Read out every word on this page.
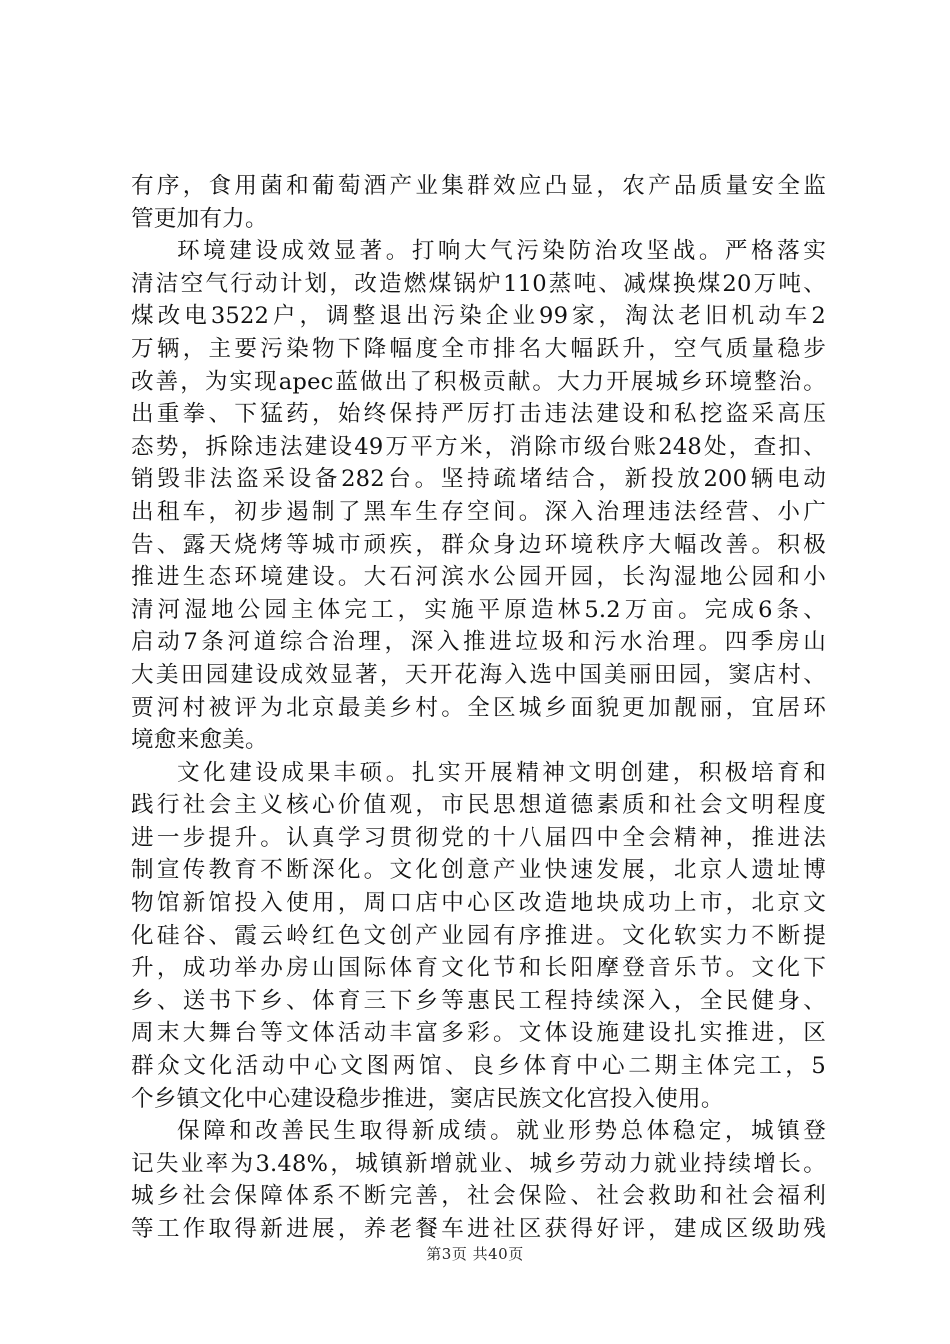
有序，食用菌和葡萄酒产业集群效应凸显，农产品质量安全监
管更加有力。
环境建设成效显著。打响大气污染防治攻坚战。严格落实
清洁空气行动计划，改造燃煤锅炉110蒸吨、减煤换煤20万吨、
煤改电3522户，调整退出污染企业99家，淘汰老旧机动车2
万辆，主要污染物下降幅度全市排名大幅跃升，空气质量稳步
改善，为实现apec蓝做出了积极贡献。大力开展城乡环境整治。
出重拳、下猛药，始终保持严厉打击违法建设和私挖盗采高压
态势，拆除违法建设49万平方米，消除市级台账248处，查扣、
销毁非法盗采设备282台。坚持疏堵结合，新投放200辆电动
出租车，初步遏制了黑车生存空间。深入治理违法经营、小广
告、露天烧烤等城市顽疾，群众身边环境秩序大幅改善。积极
推进生态环境建设。大石河滨水公园开园，长沟湿地公园和小
清河湿地公园主体完工，实施平原造林5.2万亩。完成6条、
启动7条河道综合治理，深入推进垃圾和污水治理。四季房山
大美田园建设成效显著，天开花海入选中国美丽田园，窦店村、
贾河村被评为北京最美乡村。全区城乡面貌更加靓丽，宜居环
境愈来愈美。
文化建设成果丰硕。扎实开展精神文明创建，积极培育和
践行社会主义核心价值观，市民思想道德素质和社会文明程度
进一步提升。认真学习贯彻党的十八届四中全会精神，推进法
制宣传教育不断深化。文化创意产业快速发展，北京人遗址博
物馆新馆投入使用，周口店中心区改造地块成功上市，北京文
化硅谷、霞云岭红色文创产业园有序推进。文化软实力不断提
升，成功举办房山国际体育文化节和长阳摩登音乐节。文化下
乡、送书下乡、体育三下乡等惠民工程持续深入，全民健身、
周末大舞台等文体活动丰富多彩。文体设施建设扎实推进，区
群众文化活动中心文图两馆、良乡体育中心二期主体完工，5
个乡镇文化中心建设稳步推进，窦店民族文化宫投入使用。
保障和改善民生取得新成绩。就业形势总体稳定，城镇登
记失业率为3.48%，城镇新增就业、城乡劳动力就业持续增长。
城乡社会保障体系不断完善，社会保险、社会救助和社会福利
等工作取得新进展，养老餐车进社区获得好评，建成区级助残
第3页 共40页
